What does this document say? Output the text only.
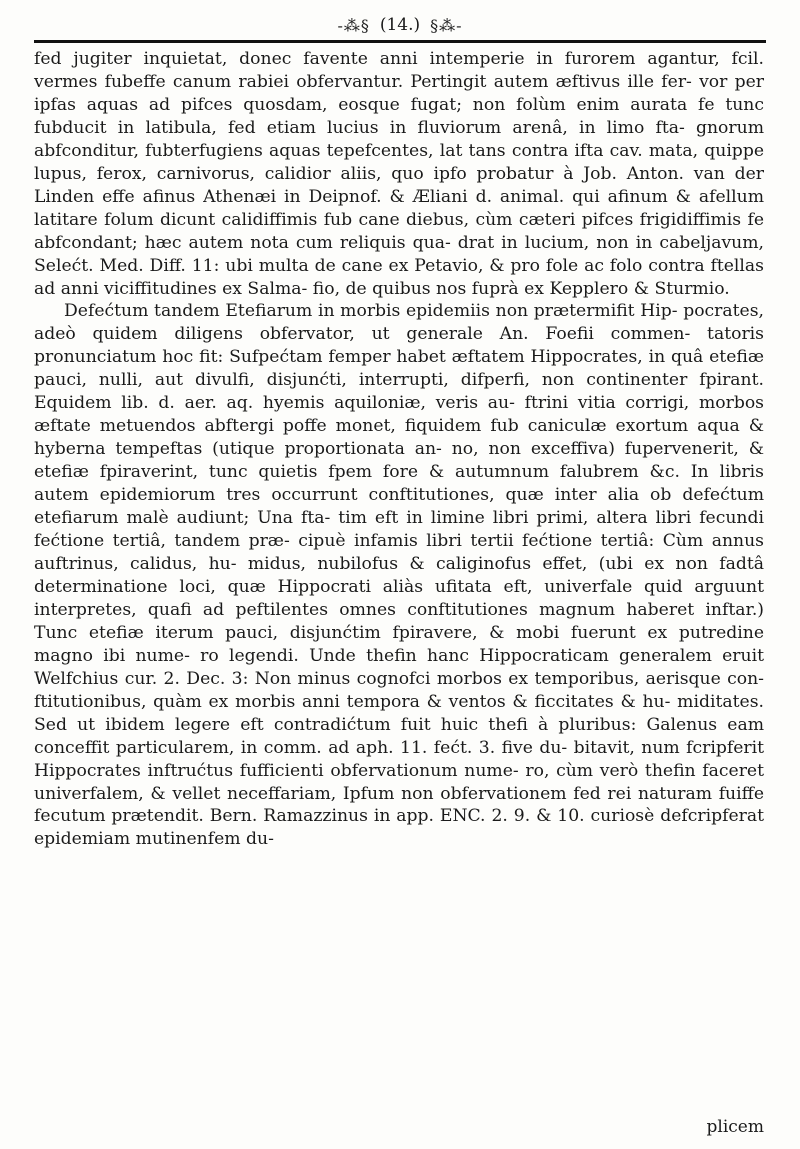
-⁂§ (14.) §⁂-

fed jugiter inquietat, donec favente anni intemperie in furorem agantur, fcil. vermes fubeffe canum rabiei obfervantur. Pertingit autem æftivus ille fer- vor per ipfas aquas ad pifces quosdam, eosque fugat; non folùm enim aurata fe tunc fubducit in latibula, fed etiam lucius in fluviorum arenâ, in limo fta- gnorum abfconditur, fubterfugiens aquas tepefcentes, lat tans contra ifta cav. mata, quippe lupus, ferox, carnivorus, calidior aliis, quo ipfo probatur à Job. Anton. van der Linden effe afinus Athenæi in Deipnof. & Æliani d. animal. qui afinum & afellum latitare folum dicunt calidiffimis fub cane diebus, cùm cæteri pifces frigidiffimis fe abfcondant; hæc autem nota cum reliquis qua- drat in lucium, non in cabeljavum, Selećt. Med. Diff. 11: ubi multa de cane ex Petavio, & pro fole ac folo contra ftellas ad anni viciffitudines ex Salma- fio, de quibus nos fuprà ex Kepplero & Sturmio.

Defećtum tandem Etefiarum in morbis epidemiis non prætermifit Hip- pocrates, adeò quidem diligens obfervator, ut generale An. Foefii commen- tatoris pronunciatum hoc fit: Sufpećtam femper habet æftatem Hippocrates, in quâ etefiæ pauci, nulli, aut divulfi, disjunćti, interrupti, difperfi, non continenter fpirant. Equidem lib. d. aer. aq. hyemis aquiloniæ, veris au- ftrini vitia corrigi, morbos æftate metuendos abftergi poffe monet, fiquidem fub caniculæ exortum aqua & hyberna tempeftas (utique proportionata an- no, non exceffiva) fupervenerit, & etefiæ fpiraverint, tunc quietis fpem fore & autumnum falubrem &c. In libris autem epidemiorum tres occurrunt conftitutiones, quæ inter alia ob defećtum etefiarum malè audiunt; Una fta- tim eft in limine libri primi, altera libri fecundi fećtione tertiâ, tandem præ- cipuè infamis libri tertii fećtione tertiâ: Cùm annus auftrinus, calidus, hu- midus, nubilofus & caliginofus effet, (ubi ex non fadtâ determinatione loci, quæ Hippocrati aliàs ufitata eft, univerfale quid arguunt interpretes, quafi ad peftilentes omnes conftitutiones magnum haberet inftar.) Tunc etefiæ iterum pauci, disjunćtim fpiravere, & mobi fuerunt ex putredine magno ibi nume- ro legendi. Unde thefin hanc Hippocraticam generalem eruit Welfchius cur. 2. Dec. 3: Non minus cognofci morbos ex temporibus, aerisque con- ftitutionibus, quàm ex morbis anni tempora & ventos & ficcitates & hu- miditates. Sed ut ibidem legere eft contradićtum fuit huic thefi à pluribus: Galenus eam conceffit particularem, in comm. ad aph. 11. fećt. 3. five du- bitavit, num fcripferit Hippocrates inftrućtus fufficienti obfervationum nume- ro, cùm verò thefin faceret univerfalem, & vellet neceffariam, Ipfum non obfervationem fed rei naturam fuiffe fecutum prætendit. Bern. Ramazzinus in app. ENC. 2. 9. & 10. curiosè defcripferat epidemiam mutinenfem du-

plicem
